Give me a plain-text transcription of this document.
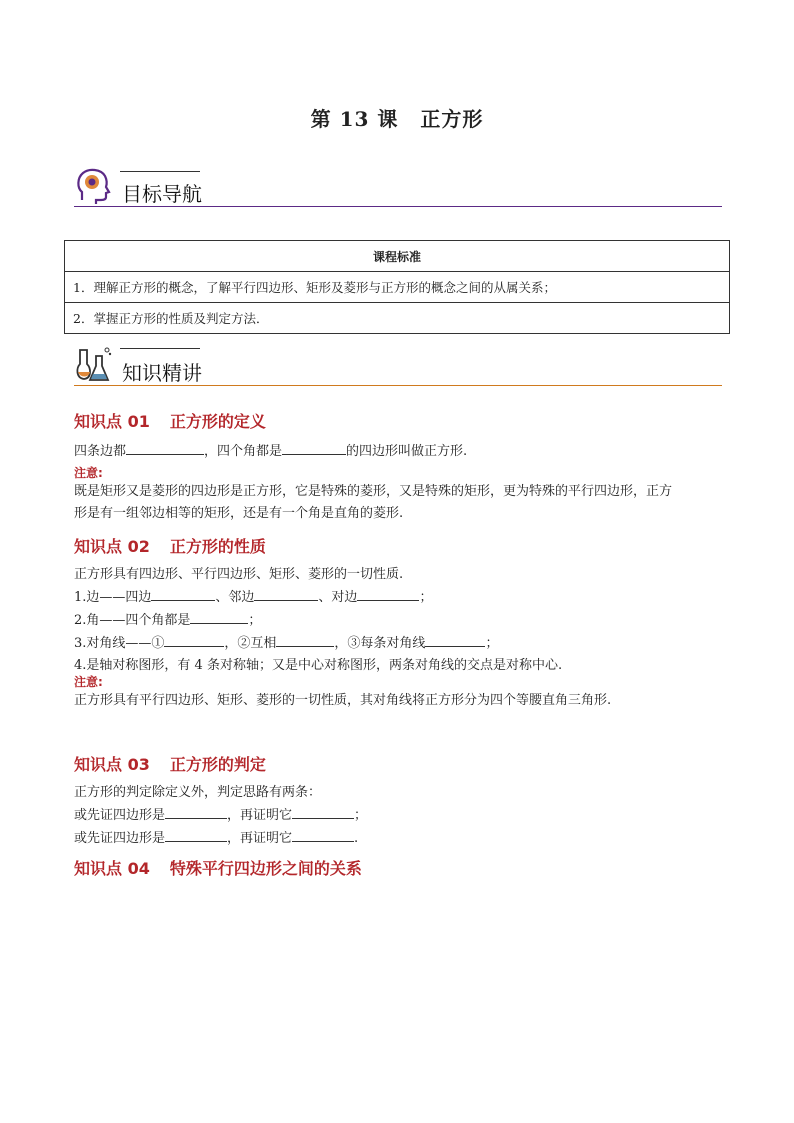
第 13 课 正方形
目标导航
课程标准
1．理解正方形的概念，了解平行四边形、矩形及菱形与正方形的概念之间的从属关系；
2．掌握正方形的性质及判定方法．
知识精讲
知识点 01 正方形的定义
四条边都	，四个角都是	的四边形叫做正方形.
注意:
既是矩形又是菱形的四边形是正方形，它是特殊的菱形，又是特殊的矩形，更为特殊的平行四边形，正方
形是有一组邻边相等的矩形，还是有一个角是直角的菱形.
知识点 02 正方形的性质
正方形具有四边形、平行四边形、矩形、菱形的一切性质.
1.边——四边	、邻边	、对边	；
2.角——四个角都是	；
3.对角线——①	，②互相	，③每条对角线	；
4.是轴对称图形，有 4 条对称轴；又是中心对称图形，两条对角线的交点是对称中心.
注意:
正方形具有平行四边形、矩形、菱形的一切性质，其对角线将正方形分为四个等腰直角三角形.
知识点 03 正方形的判定
正方形的判定除定义外，判定思路有两条：
或先证四边形是	，再证明它	；
或先证四边形是	，再证明它	.
知识点 04 特殊平行四边形之间的关系
